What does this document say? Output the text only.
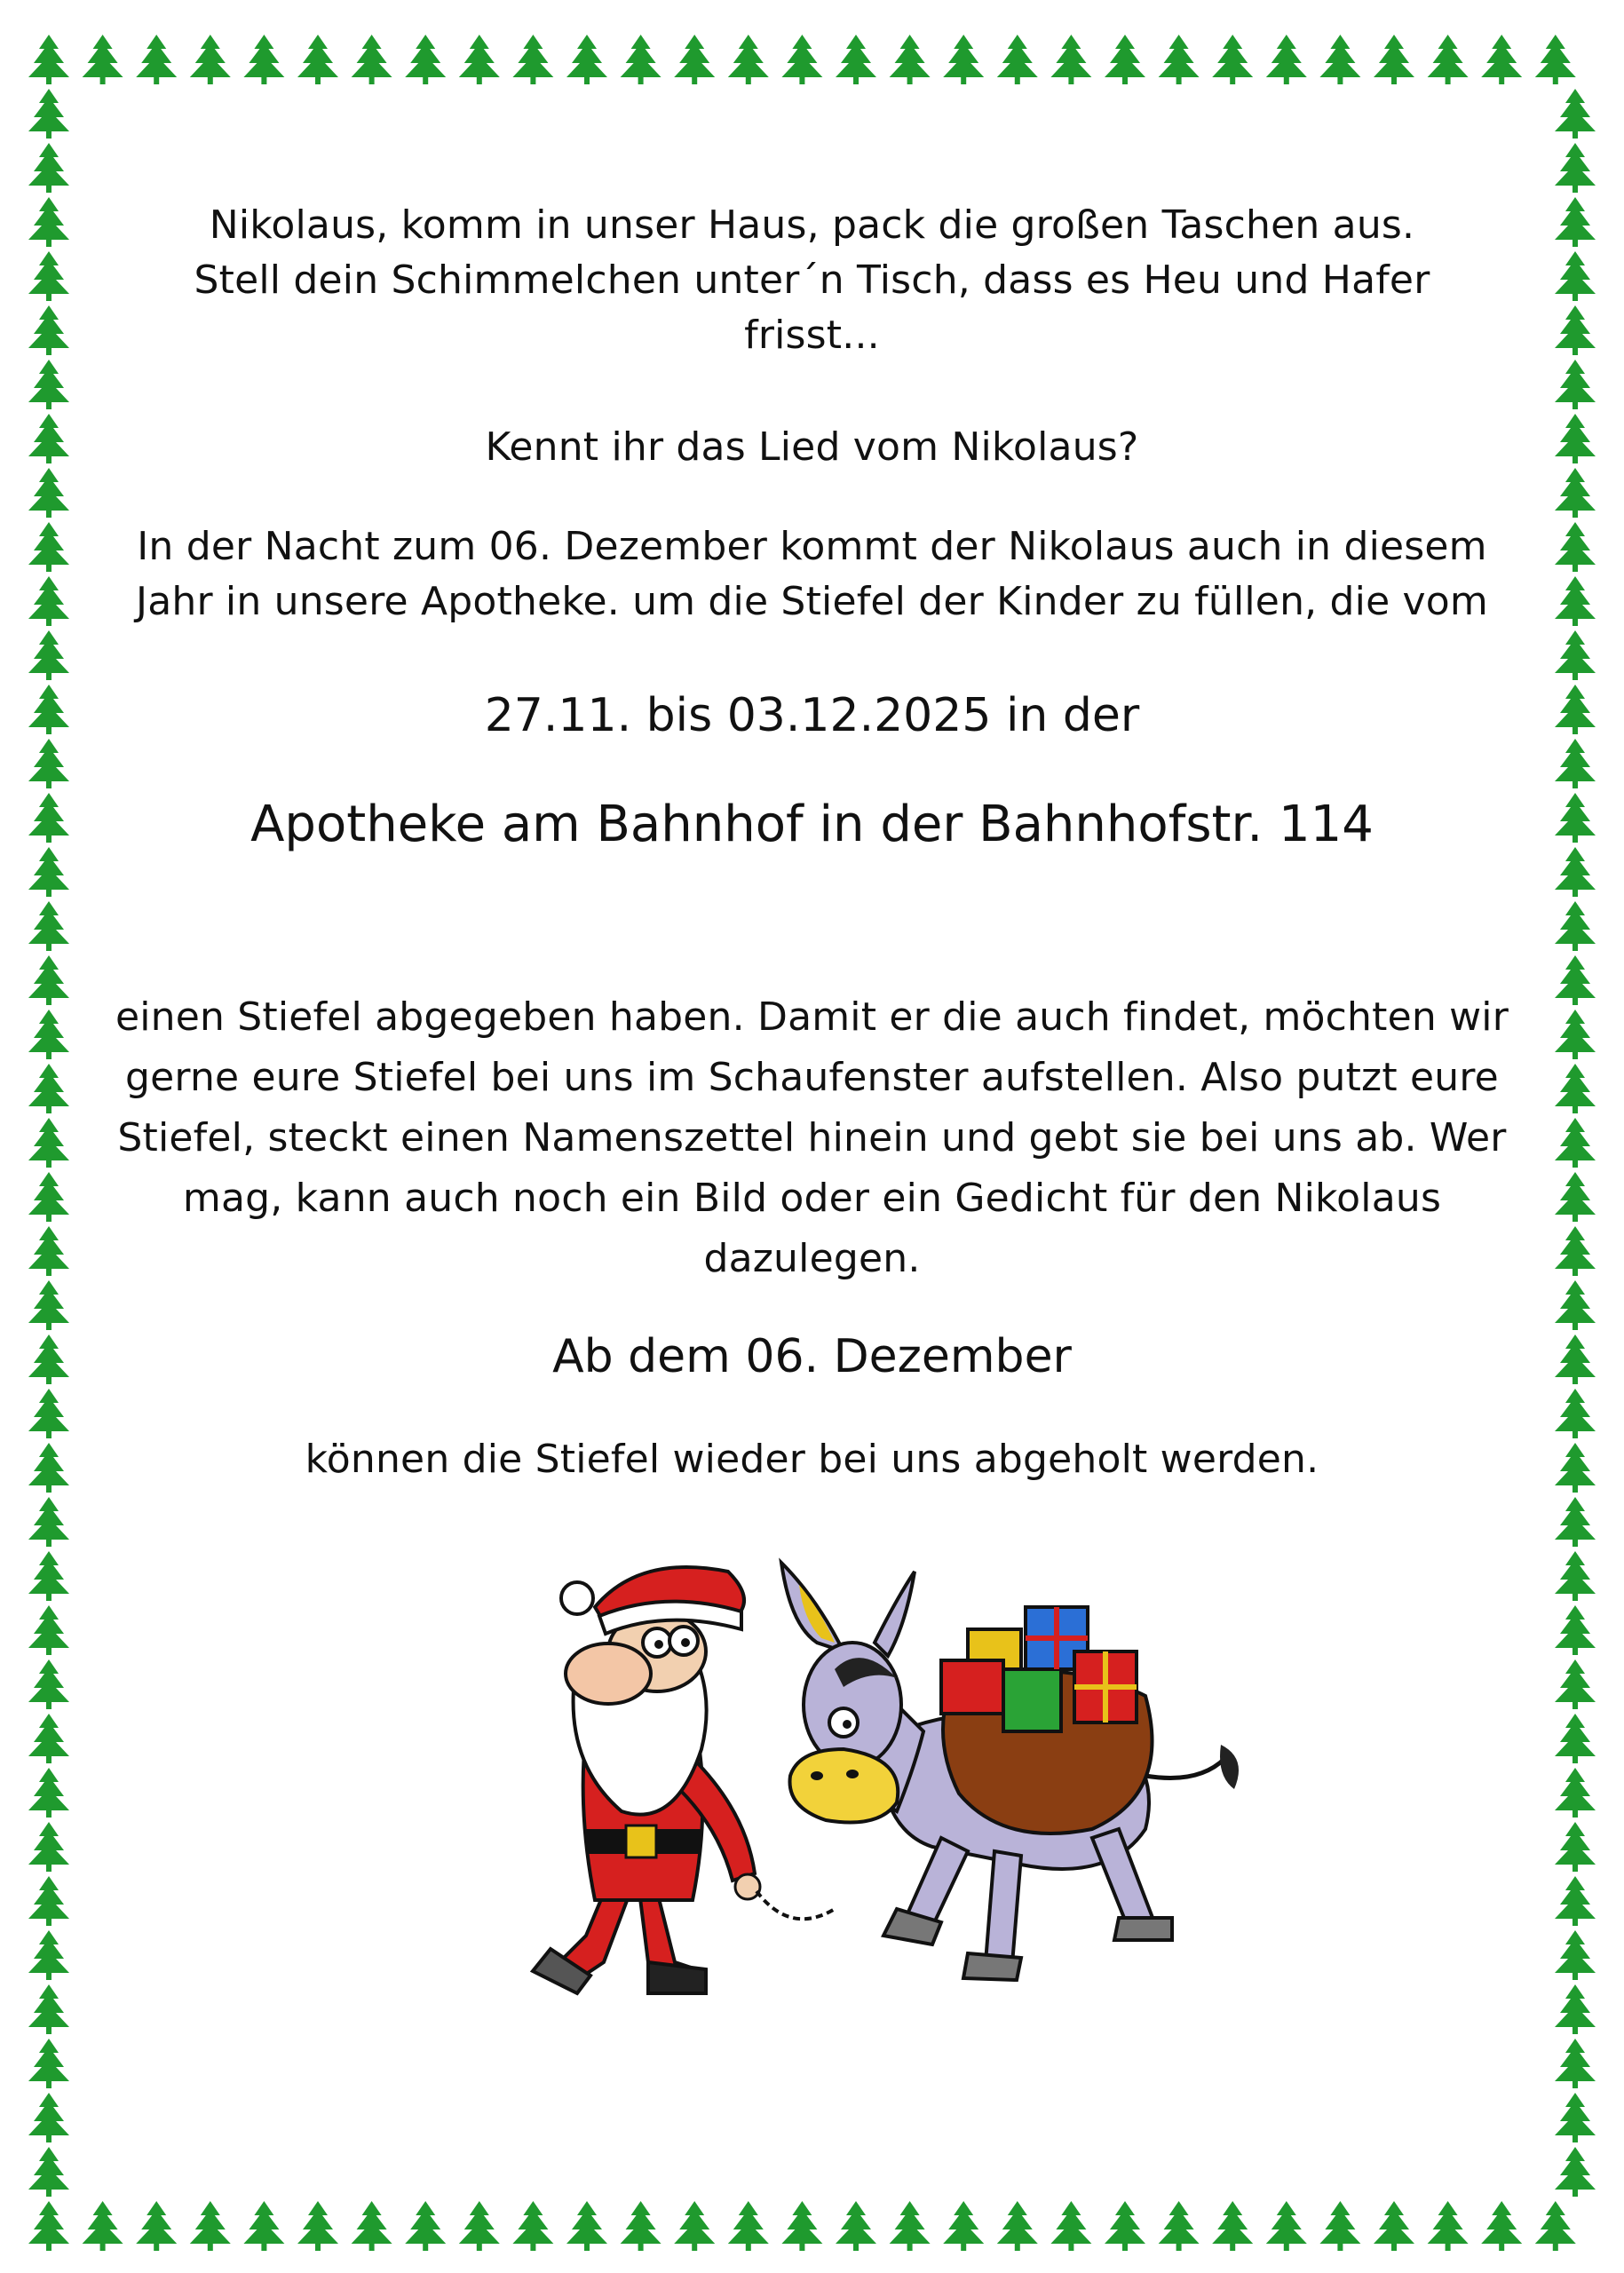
Nikolaus, komm in unser Haus, pack die großen Taschen aus.
Stell dein Schimmelchen unter´n Tisch, dass es Heu und Hafer
frisst...
Kennt ihr das Lied vom Nikolaus?
In der Nacht zum 06. Dezember kommt der Nikolaus auch in diesem
Jahr in unsere Apotheke. um die Stiefel der Kinder zu füllen, die vom
27.11. bis 03.12.2025 in der
Apotheke am Bahnhof in der Bahnhofstr. 114
einen Stiefel abgegeben haben. Damit er die auch findet, möchten wir
gerne eure Stiefel bei uns im Schaufenster aufstellen. Also putzt eure
Stiefel, steckt einen Namenszettel hinein und gebt sie bei uns ab. Wer
mag, kann auch noch ein Bild oder ein Gedicht für den Nikolaus
dazulegen.
Ab dem 06. Dezember
können die Stiefel wieder bei uns abgeholt werden.
